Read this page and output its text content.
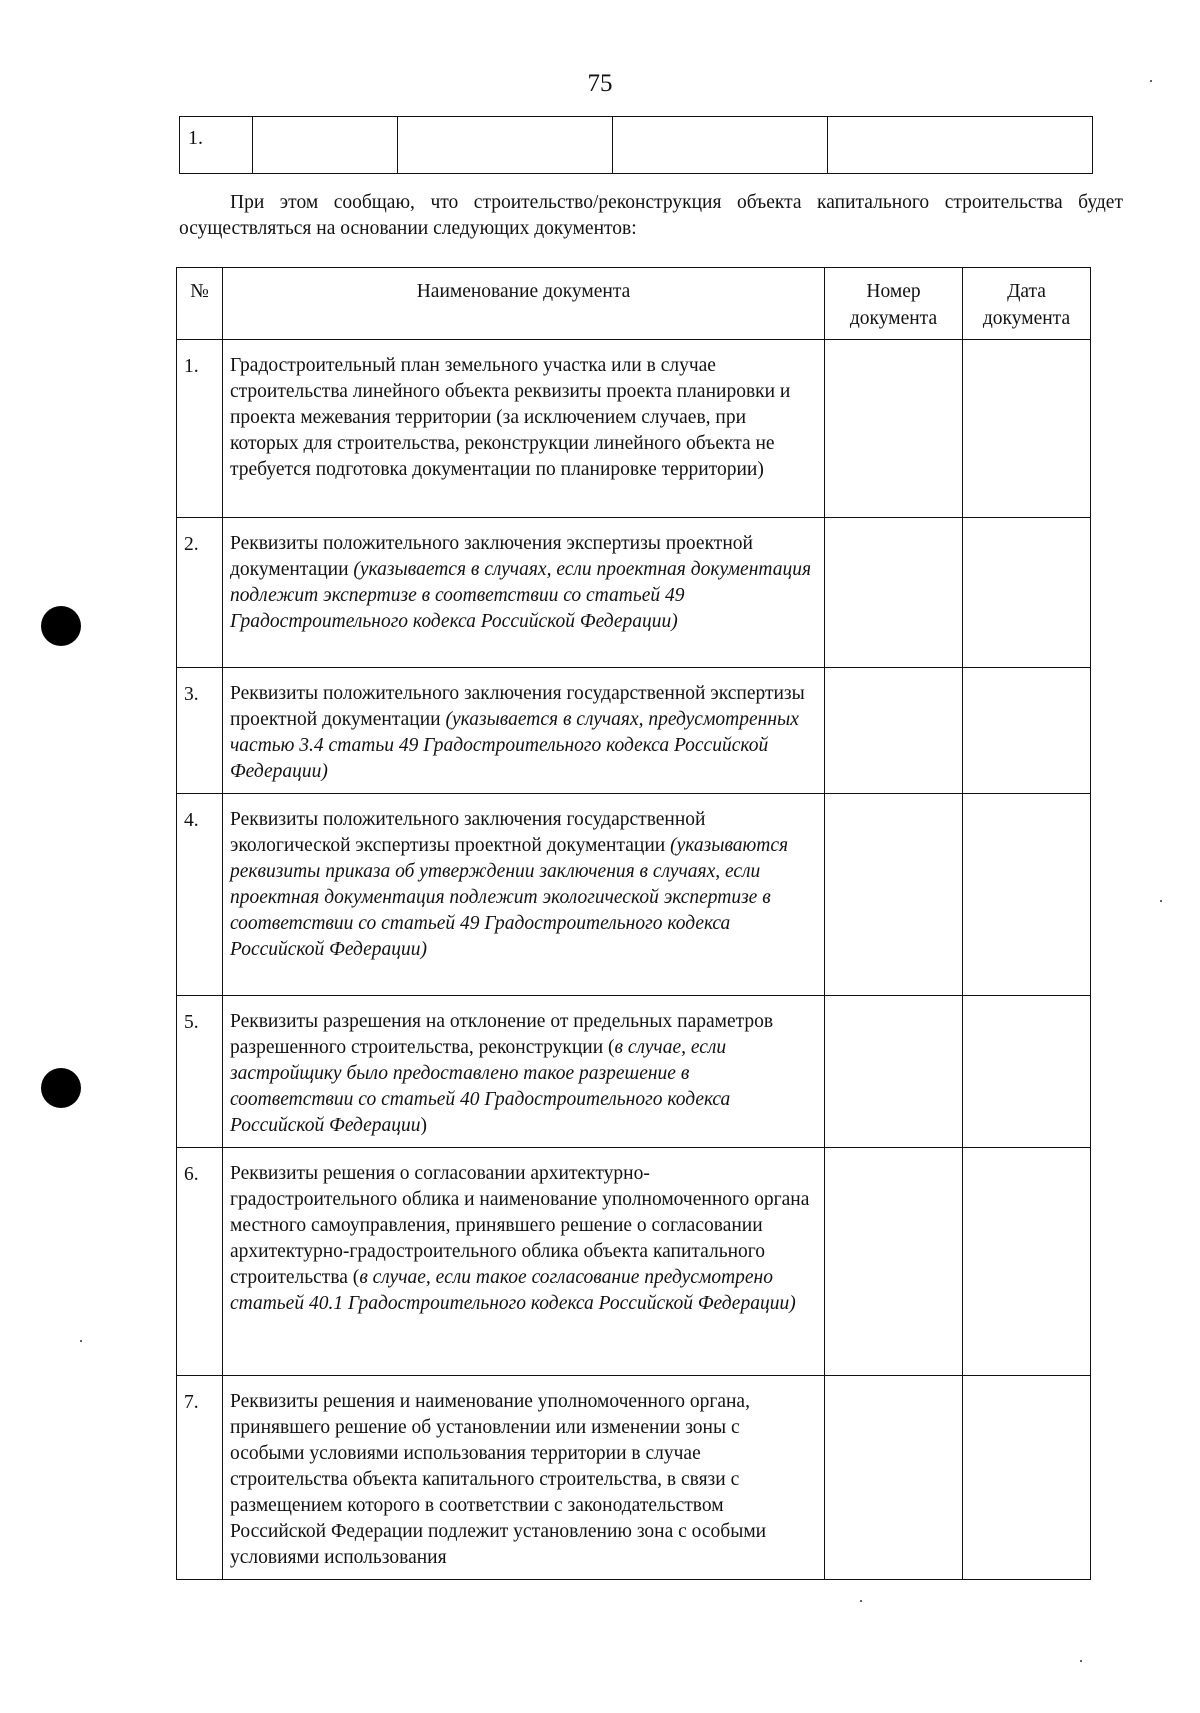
75
1.				
При этом сообщаю, что строительство/реконструкция объекта капитального строительства будет осуществляться на основании следующих документов:
№	Наименование документа	Номер документа	Дата документа
1.	Градостроительный план земельного участка или в случае строительства линейного объекта реквизиты проекта планировки и проекта межевания территории (за исключением случаев, при которых для строительства, реконструкции линейного объекта не требуется подготовка документации по планировке территории)		
2.	Реквизиты положительного заключения экспертизы проектной документации (указывается в случаях, если проектная документация подлежит экспертизе в соответствии со статьей 49 Градостроительного кодекса Российской Федерации)		
3.	Реквизиты положительного заключения государственной экспертизы проектной документации (указывается в случаях, предусмотренных частью 3.4 статьи 49 Градостроительного кодекса Российской Федерации)		
4.	Реквизиты положительного заключения государственной экологической экспертизы проектной документации (указываются реквизиты приказа об утверждении заключения в случаях, если проектная документация подлежит экологической экспертизе в соответствии со статьей 49 Градостроительного кодекса Российской Федерации)		
5.	Реквизиты разрешения на отклонение от предельных параметров разрешенного строительства, реконструкции (в случае, если застройщику было предоставлено такое разрешение в соответствии со статьей 40 Градостроительного кодекса Российской Федерации)		
6.	Реквизиты решения о согласовании архитектурно-градостроительного облика и наименование уполномоченного органа местного самоуправления, принявшего решение о согласовании архитектурно-градостроительного облика объекта капитального строительства (в случае, если такое согласование предусмотрено статьей 40.1 Градостроительного кодекса Российской Федерации)		
7.	Реквизиты решения и наименование уполномоченного органа, принявшего решение об установлении или изменении зоны с особыми условиями использования территории в случае строительства объекта капитального строительства, в связи с размещением которого в соответствии с законодательством Российской Федерации подлежит установлению зона с особыми условиями использования		
